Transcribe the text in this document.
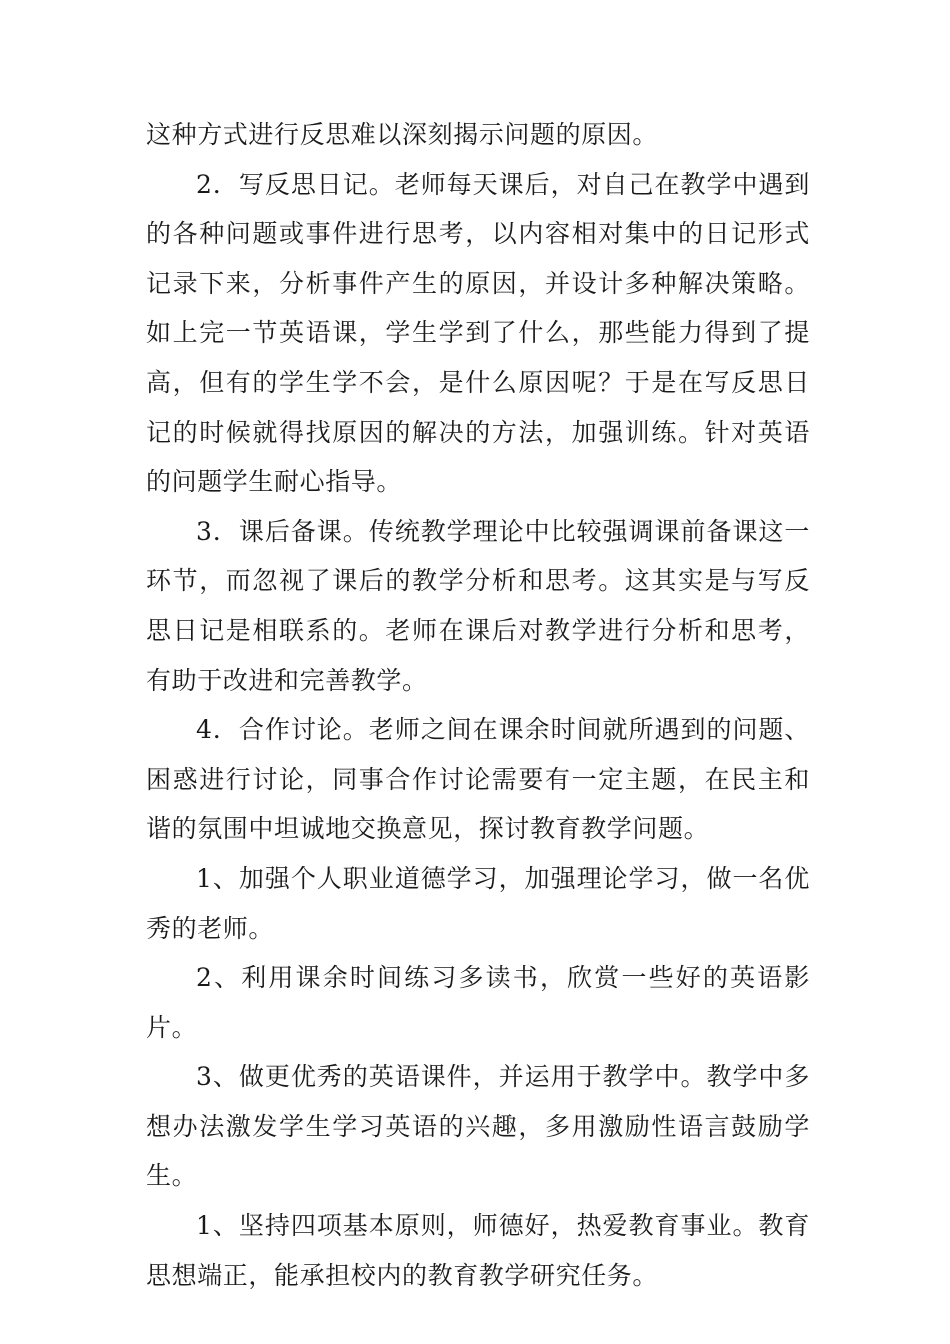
这种方式进行反思难以深刻揭示问题的原因。

2．写反思日记。老师每天课后，对自己在教学中遇到的各种问题或事件进行思考，以内容相对集中的日记形式记录下来，分析事件产生的原因，并设计多种解决策略。如上完一节英语课，学生学到了什么，那些能力得到了提高，但有的学生学不会，是什么原因呢？于是在写反思日记的时候就得找原因的解决的方法，加强训练。针对英语的问题学生耐心指导。

3．课后备课。传统教学理论中比较强调课前备课这一环节，而忽视了课后的教学分析和思考。这其实是与写反思日记是相联系的。老师在课后对教学进行分析和思考，有助于改进和完善教学。

4．合作讨论。老师之间在课余时间就所遇到的问题、困惑进行讨论，同事合作讨论需要有一定主题，在民主和谐的氛围中坦诚地交换意见，探讨教育教学问题。

1、加强个人职业道德学习，加强理论学习，做一名优秀的老师。

2、利用课余时间练习多读书，欣赏一些好的英语影片。

3、做更优秀的英语课件，并运用于教学中。教学中多想办法激发学生学习英语的兴趣，多用激励性语言鼓励学生。

1、坚持四项基本原则，师德好，热爱教育事业。教育思想端正，能承担校内的教育教学研究任务。
